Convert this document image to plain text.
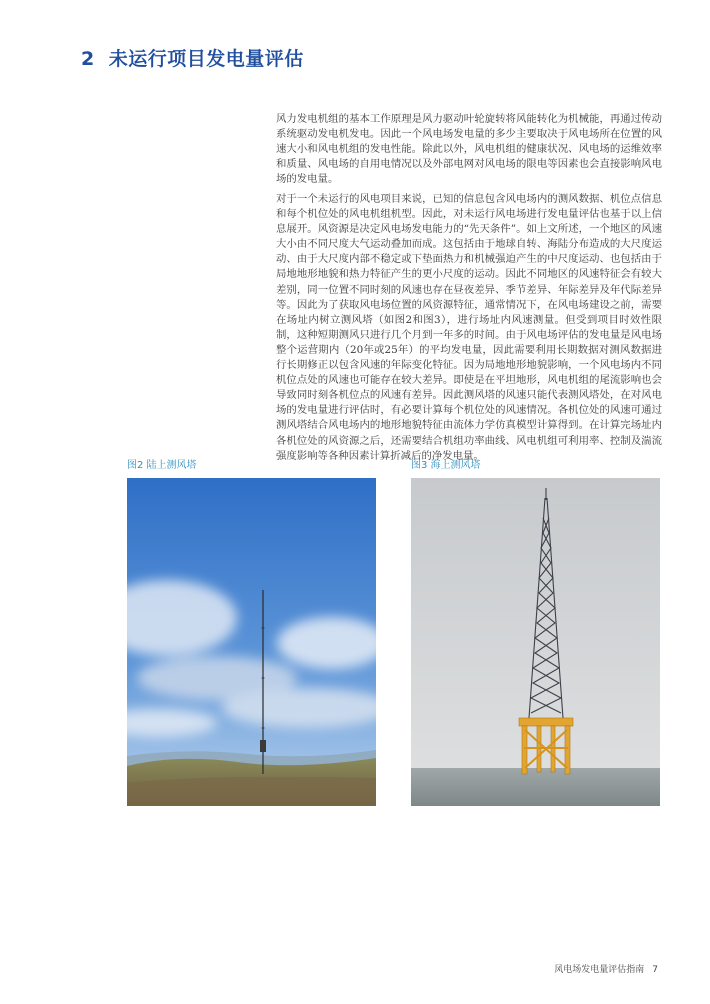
2 未运行项目发电量评估

风力发电机组的基本工作原理是风力驱动叶轮旋转将风能转化为机械能，再通过传动系统驱动发电机发电。因此一个风电场发电量的多少主要取决于风电场所在位置的风速大小和风电机组的发电性能。除此以外，风电机组的健康状况、风电场的运维效率和质量、风电场的自用电情况以及外部电网对风电场的限电等因素也会直接影响风电场的发电量。

对于一个未运行的风电项目来说，已知的信息包含风电场内的测风数据、机位点信息和每个机位处的风电机组机型。因此，对未运行风电场进行发电量评估也基于以上信息展开。风资源是决定风电场发电能力的“先天条件”。如上文所述，一个地区的风速大小由不同尺度大气运动叠加而成。这包括由于地球自转、海陆分布造成的大尺度运动、由于大尺度内部不稳定或下垫面热力和机械强迫产生的中尺度运动、也包括由于局地地形地貌和热力特征产生的更小尺度的运动。因此不同地区的风速特征会有较大差别，同一位置不同时刻的风速也存在昼夜差异、季节差异、年际差异及年代际差异等。因此为了获取风电场位置的风资源特征，通常情况下，在风电场建设之前，需要在场址内树立测风塔（如图2和图3），进行场址内风速测量。但受到项目时效性限制，这种短期测风只进行几个月到一年多的时间。由于风电场评估的发电量是风电场整个运营期内（20年或25年）的平均发电量，因此需要利用长期数据对测风数据进行长期修正以包含风速的年际变化特征。因为局地地形地貌影响，一个风电场内不同机位点处的风速也可能存在较大差异。即使是在平坦地形，风电机组的尾流影响也会导致同时刻各机位点的风速有差异。因此测风塔的风速只能代表测风塔处，在对风电场的发电量进行评估时，有必要计算每个机位处的风速情况。各机位处的风速可通过测风塔结合风电场内的地形地貌特征由流体力学仿真模型计算得到。在计算完场址内各机位处的风资源之后，还需要结合机组功率曲线、风电机组可利用率、控制及湍流强度影响等各种因素计算折减后的净发电量。

图2 陆上测风塔	图3 海上测风塔
风电场发电量评估指南 7
